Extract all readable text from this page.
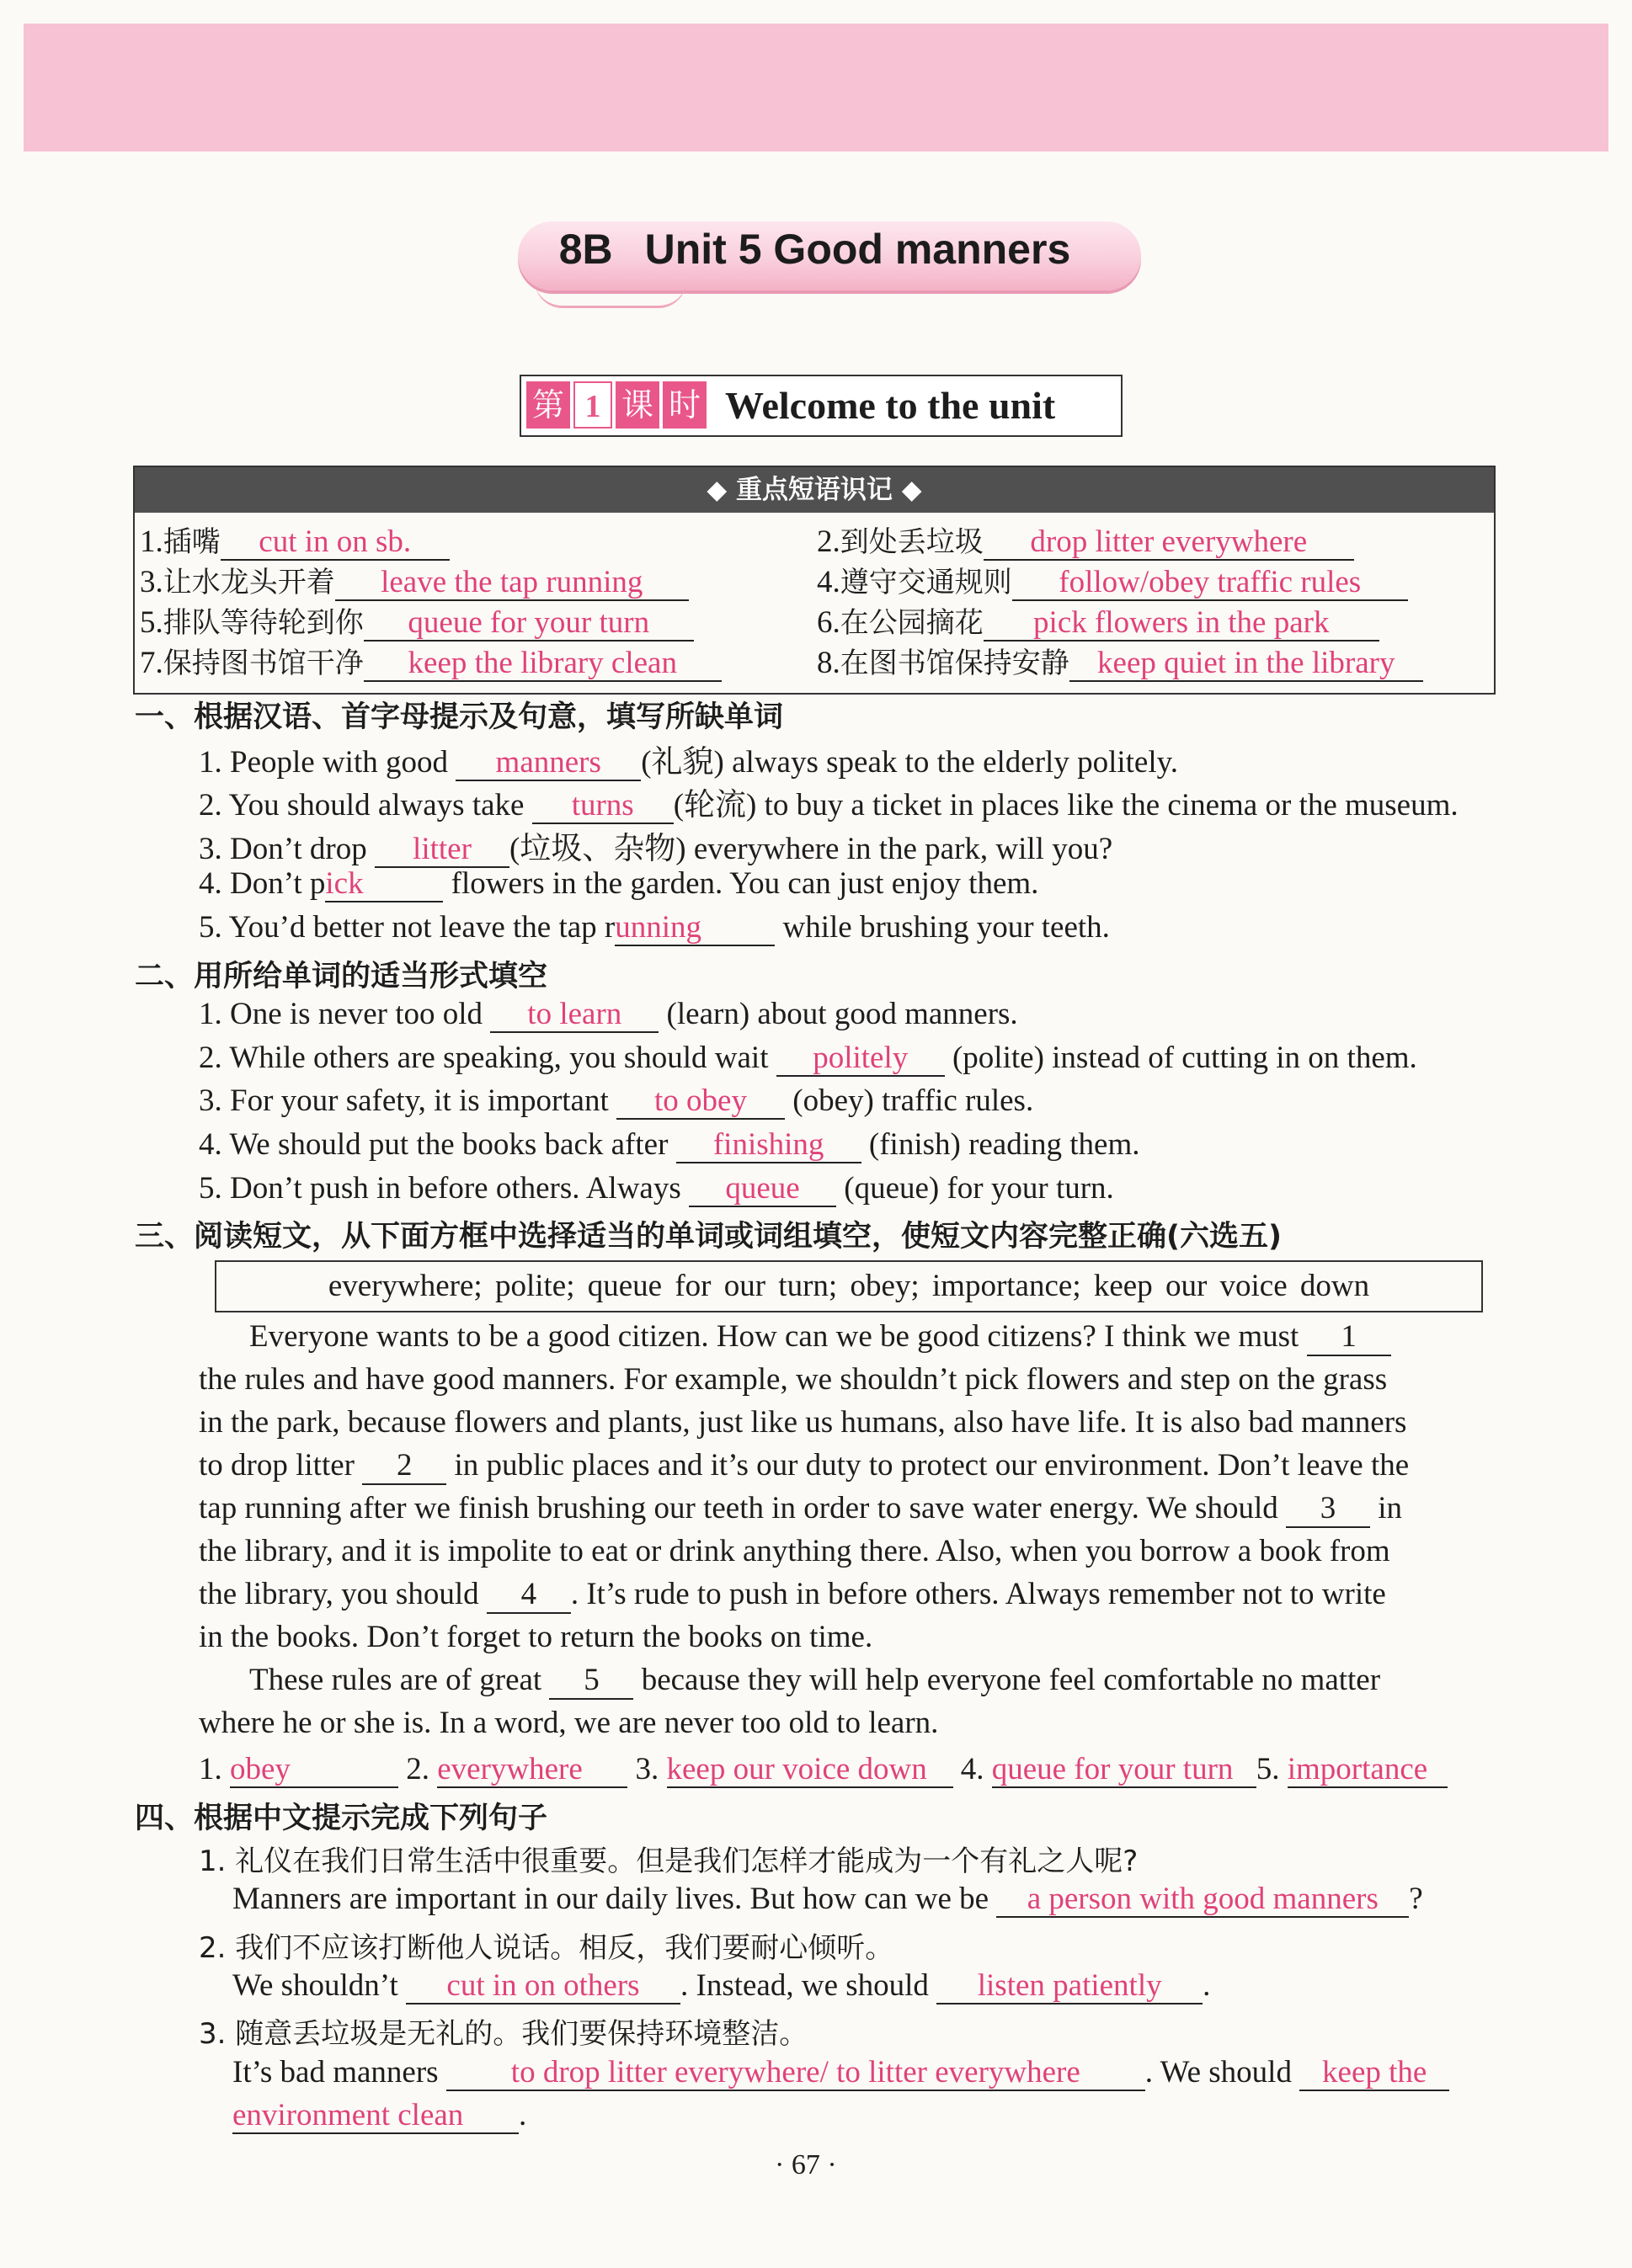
8B Unit 5 Good manners
第 1 课 时 Welcome to the unit
◆ 重点短语识记 ◆
1.插嘴 cut in on sb.	2.到处丢垃圾 drop litter everywhere
3.让水龙头开着 leave the tap running	4.遵守交通规则 follow/obey traffic rules
5.排队等待轮到你 queue for your turn	6.在公园摘花 pick flowers in the park
7.保持图书馆干净 keep the library clean	8.在图书馆保持安静 keep quiet in the library
一、根据汉语、首字母提示及句意，填写所缺单词
1. People with good manners (礼貌) always speak to the elderly politely.
2. You should always take turns (轮流) to buy a ticket in places like the cinema or the museum.
3. Don’t drop litter (垃圾、杂物) everywhere in the park, will you?
4. Don’t pick	flowers in the garden. You can just enjoy them.
5. You’d better not leave the tap running while brushing your teeth.
二、用所给单词的适当形式填空
1. One is never too old to learn (learn) about good manners.
2. While others are speaking, you should wait politely (polite) instead of cutting in on them.
3. For your safety, it is important to obey (obey) traffic rules.
4. We should put the books back after finishing (finish) reading them.
5. Don’t push in before others. Always queue (queue) for your turn.
三、阅读短文，从下面方框中选择适当的单词或词组填空，使短文内容完整正确(六选五)
everywhere; polite; queue for our turn; obey; importance; keep our voice down
Everyone wants to be a good citizen. How can we be good citizens? I think we must 1
the rules and have good manners. For example, we shouldn’t pick flowers and step on the grass
in the park, because flowers and plants, just like us humans, also have life. It is also bad manners
to drop litter 2 in public places and it’s our duty to protect our environment. Don’t leave the
tap running after we finish brushing our teeth in order to save water energy. We should 3 in
the library, and it is impolite to eat or drink anything there. Also, when you borrow a book from
the library, you should 4 . It’s rude to push in before others. Always remember not to write
in the books. Don’t forget to return the books on time.
These rules are of great 5 because they will help everyone feel comfortable no matter
where he or she is. In a word, we are never too old to learn.
1. obey	2. everywhere 3. keep our voice down 4. queue for your turn 5. importance
四、根据中文提示完成下列句子
1. 礼仪在我们日常生活中很重要。但是我们怎样才能成为一个有礼之人呢?
Manners are important in our daily lives. But how can we be a person with good manners ?
2. 我们不应该打断他人说话。相反，我们要耐心倾听。
We shouldn’t cut in on others . Instead, we should listen patiently .
3. 随意丢垃圾是无礼的。我们要保持环境整洁。
It’s bad manners to drop litter everywhere/ to litter everywhere . We should keep the
environment clean .
· 67 ·
